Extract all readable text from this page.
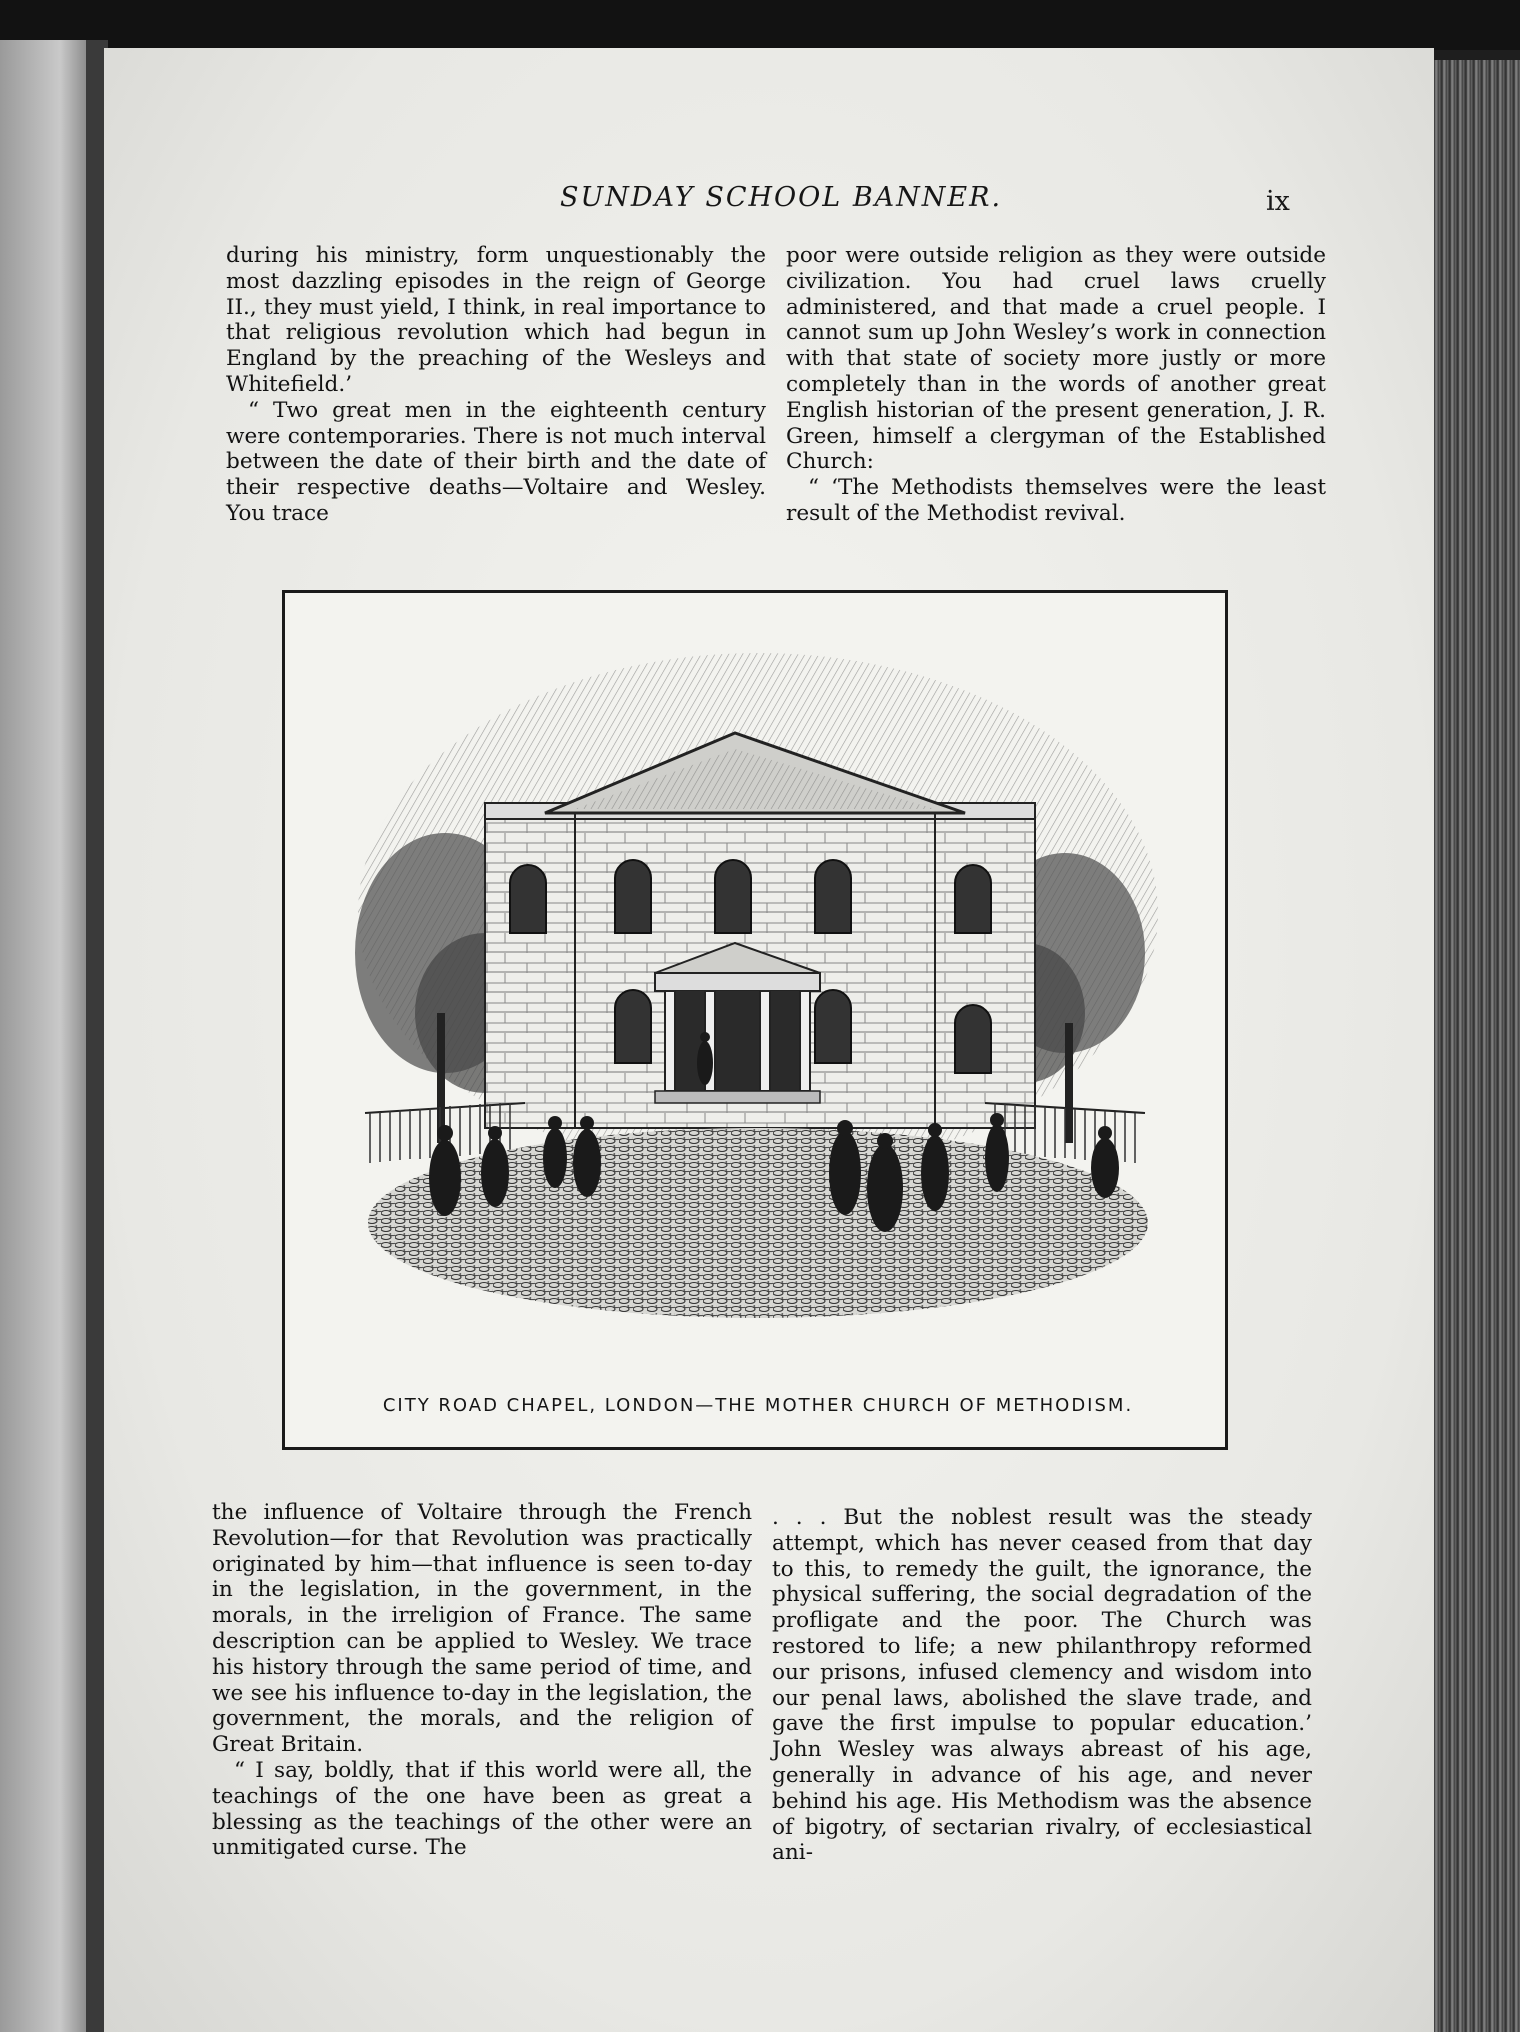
SUNDAY SCHOOL BANNER.	ix

during his ministry, form unquestionably the most dazzling episodes in the reign of George II., they must yield, I think, in real importance to that religious revolution which had begun in England by the preaching of the Wesleys and Whitefield.’

“ Two great men in the eighteenth century were contemporaries. There is not much interval between the date of their birth and the date of their respective deaths—Voltaire and Wesley. You trace

poor were outside religion as they were outside civilization. You had cruel laws cruelly administered, and that made a cruel people. I cannot sum up John Wesley’s work in connection with that state of society more justly or more completely than in the words of another great English historian of the present generation, J. R. Green, himself a clergyman of the Established Church:

“ ‘The Methodists themselves were the least result of the Methodist revival.

CITY ROAD CHAPEL, LONDON—THE MOTHER CHURCH OF METHODISM.

the influence of Voltaire through the French Revolution—for that Revolution was practically originated by him—that influence is seen to-day in the legislation, in the government, in the morals, in the irreligion of France. The same description can be applied to Wesley. We trace his history through the same period of time, and we see his influence to-day in the legislation, the government, the morals, and the religion of Great Britain.

“ I say, boldly, that if this world were all, the teachings of the one have been as great a blessing as the teachings of the other were an unmitigated curse. The

. . . But the noblest result was the steady attempt, which has never ceased from that day to this, to remedy the guilt, the ignorance, the physical suffering, the social degradation of the profligate and the poor. The Church was restored to life; a new philanthropy reformed our prisons, infused clemency and wisdom into our penal laws, abolished the slave trade, and gave the first impulse to popular education.’ John Wesley was always abreast of his age, generally in advance of his age, and never behind his age. His Methodism was the absence of bigotry, of sectarian rivalry, of ecclesiastical ani-
